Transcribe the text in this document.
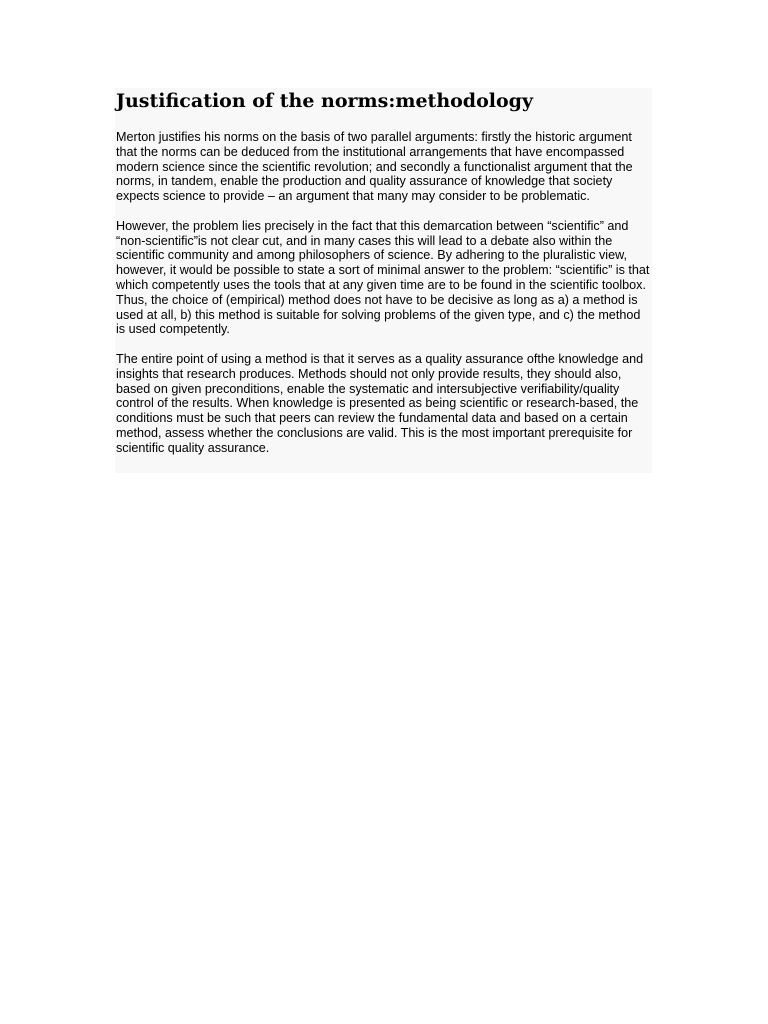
Justification of the norms:methodology

Merton justifies his norms on the basis of two parallel arguments: firstly the historic argument that the norms can be deduced from the institutional arrangements that have encompassed modern science since the scientific revolution; and secondly a functionalist argument that the norms, in tandem, enable the production and quality assurance of knowledge that society expects science to provide – an argument that many may consider to be problematic.

However, the problem lies precisely in the fact that this demarcation between “scientific” and “non-scientific”is not clear cut, and in many cases this will lead to a debate also within the scientific community and among philosophers of science. By adhering to the pluralistic view, however, it would be possible to state a sort of minimal answer to the problem: “scientific” is that which competently uses the tools that at any given time are to be found in the scientific toolbox. Thus, the choice of (empirical) method does not have to be decisive as long as a) a method is used at all, b) this method is suitable for solving problems of the given type, and c) the method is used competently.

The entire point of using a method is that it serves as a quality assurance ofthe knowledge and insights that research produces. Methods should not only provide results, they should also, based on given preconditions, enable the systematic and intersubjective verifiability/quality control of the results. When knowledge is presented as being scientific or research-based, the conditions must be such that peers can review the fundamental data and based on a certain method, assess whether the conclusions are valid. This is the most important prerequisite for scientific quality assurance.
